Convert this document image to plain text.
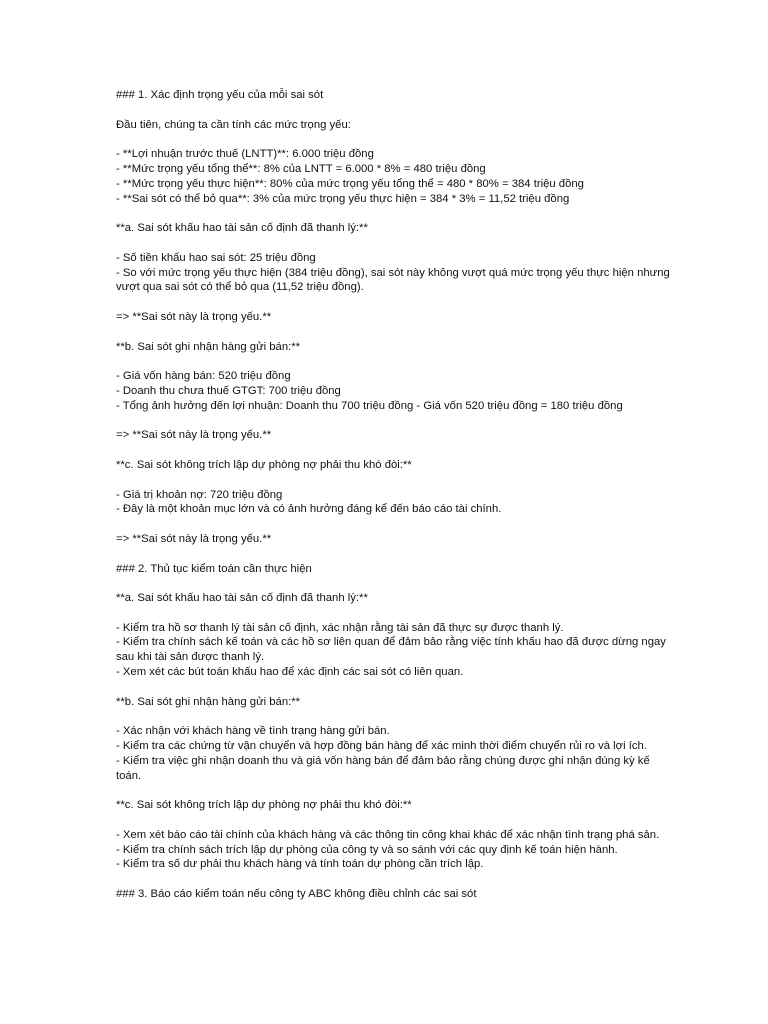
### 1. Xác định trọng yếu của mỗi sai sót
Đầu tiên, chúng ta cần tính các mức trọng yếu:
- **Lợi nhuận trước thuế (LNTT)**: 6.000 triệu đồng
- **Mức trọng yếu tổng thể**: 8% của LNTT = 6.000 * 8% = 480 triệu đồng
- **Mức trọng yếu thực hiện**: 80% của mức trọng yếu tổng thể = 480 * 80% = 384 triệu đồng
- **Sai sót có thể bỏ qua**: 3% của mức trọng yếu thực hiện = 384 * 3% = 11,52 triệu đồng
**a. Sai sót khấu hao tài sản cố định đã thanh lý:**
- Số tiền khấu hao sai sót: 25 triệu đồng
- So với mức trọng yếu thực hiện (384 triệu đồng), sai sót này không vượt quá mức trọng yếu thực hiện nhưng vượt qua sai sót có thể bỏ qua (11,52 triệu đồng).
=> **Sai sót này là trọng yếu.**
**b. Sai sót ghi nhận hàng gửi bán:**
- Giá vốn hàng bán: 520 triệu đồng
- Doanh thu chưa thuế GTGT: 700 triệu đồng
- Tổng ảnh hưởng đến lợi nhuận: Doanh thu 700 triệu đồng - Giá vốn 520 triệu đồng = 180 triệu đồng
=> **Sai sót này là trọng yếu.**
**c. Sai sót không trích lập dự phòng nợ phải thu khó đòi:**
- Giá trị khoản nợ: 720 triệu đồng
- Đây là một khoản mục lớn và có ảnh hưởng đáng kể đến báo cáo tài chính.
=> **Sai sót này là trọng yếu.**
### 2. Thủ tục kiểm toán cần thực hiện
**a. Sai sót khấu hao tài sản cố định đã thanh lý:**
- Kiểm tra hồ sơ thanh lý tài sản cố định, xác nhận rằng tài sản đã thực sự được thanh lý.
- Kiểm tra chính sách kế toán và các hồ sơ liên quan để đảm bảo rằng việc tính khấu hao đã được dừng ngay sau khi tài sản được thanh lý.
- Xem xét các bút toán khấu hao để xác định các sai sót có liên quan.
**b. Sai sót ghi nhận hàng gửi bán:**
- Xác nhận với khách hàng về tình trạng hàng gửi bán.
- Kiểm tra các chứng từ vận chuyển và hợp đồng bán hàng để xác minh thời điểm chuyển rủi ro và lợi ích.
- Kiểm tra việc ghi nhận doanh thu và giá vốn hàng bán để đảm bảo rằng chúng được ghi nhận đúng kỳ kế toán.
**c. Sai sót không trích lập dự phòng nợ phải thu khó đòi:**
- Xem xét báo cáo tài chính của khách hàng và các thông tin công khai khác để xác nhận tình trạng phá sản.
- Kiểm tra chính sách trích lập dự phòng của công ty và so sánh với các quy định kế toán hiện hành.
- Kiểm tra số dư phải thu khách hàng và tính toán dự phòng cần trích lập.
### 3. Báo cáo kiểm toán nếu công ty ABC không điều chỉnh các sai sót
